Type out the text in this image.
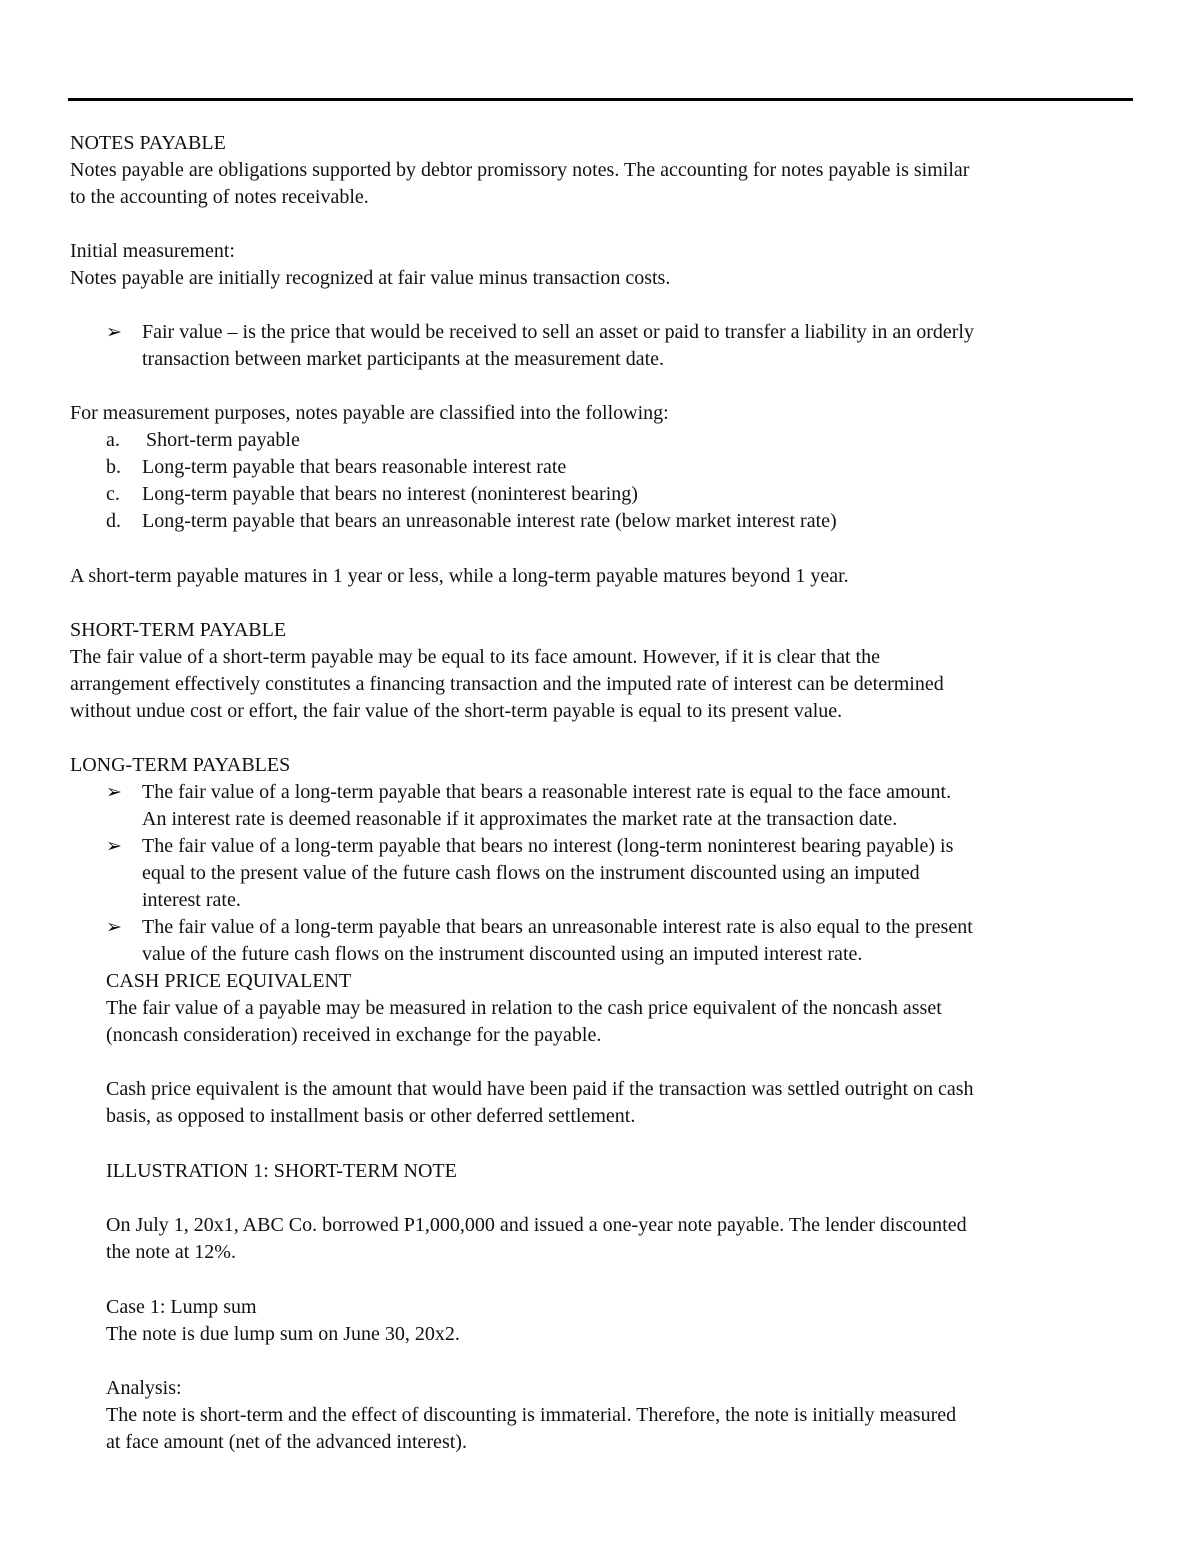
NOTES PAYABLE
Notes payable are obligations supported by debtor promissory notes. The accounting for notes payable is similar
to the accounting of notes receivable.
Initial measurement:
Notes payable are initially recognized at fair value minus transaction costs.
➢ Fair value – is the price that would be received to sell an asset or paid to transfer a liability in an orderly
transaction between market participants at the measurement date.
For measurement purposes, notes payable are classified into the following:
a. Short-term payable
b. Long-term payable that bears reasonable interest rate
c. Long-term payable that bears no interest (noninterest bearing)
d. Long-term payable that bears an unreasonable interest rate (below market interest rate)
A short-term payable matures in 1 year or less, while a long-term payable matures beyond 1 year.
SHORT-TERM PAYABLE
The fair value of a short-term payable may be equal to its face amount. However, if it is clear that the
arrangement effectively constitutes a financing transaction and the imputed rate of interest can be determined
without undue cost or effort, the fair value of the short-term payable is equal to its present value.
LONG-TERM PAYABLES
➢ The fair value of a long-term payable that bears a reasonable interest rate is equal to the face amount.
An interest rate is deemed reasonable if it approximates the market rate at the transaction date.
➢ The fair value of a long-term payable that bears no interest (long-term noninterest bearing payable) is
equal to the present value of the future cash flows on the instrument discounted using an imputed
interest rate.
➢ The fair value of a long-term payable that bears an unreasonable interest rate is also equal to the present
value of the future cash flows on the instrument discounted using an imputed interest rate.
CASH PRICE EQUIVALENT
The fair value of a payable may be measured in relation to the cash price equivalent of the noncash asset
(noncash consideration) received in exchange for the payable.
Cash price equivalent is the amount that would have been paid if the transaction was settled outright on cash
basis, as opposed to installment basis or other deferred settlement.
ILLUSTRATION 1: SHORT-TERM NOTE
On July 1, 20x1, ABC Co. borrowed P1,000,000 and issued a one-year note payable. The lender discounted
the note at 12%.
Case 1: Lump sum
The note is due lump sum on June 30, 20x2.
Analysis:
The note is short-term and the effect of discounting is immaterial. Therefore, the note is initially measured
at face amount (net of the advanced interest).
